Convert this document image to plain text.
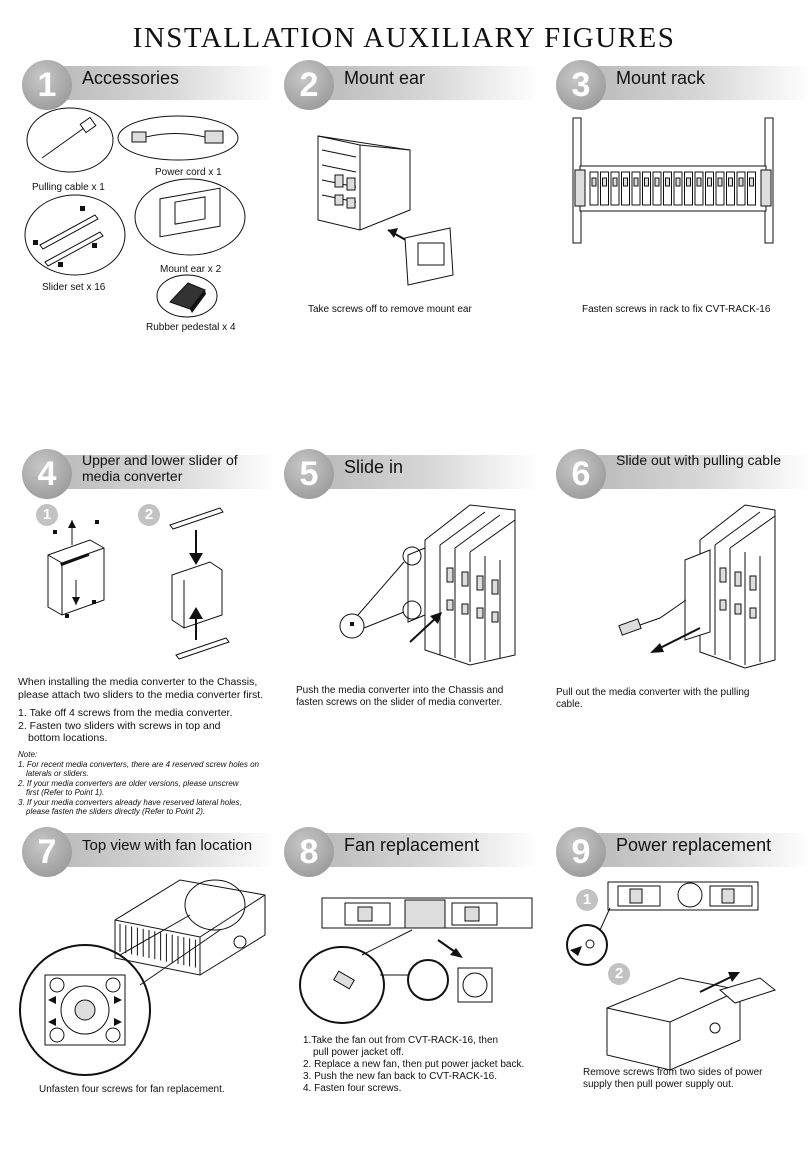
INSTALLATION AUXILIARY FIGURES
1	Accessories	2	Mount ear	3	Mount rack
4	Upper and lower slider of media converter	5	Slide in	6	Slide out with pulling cable
7	Top view with fan location	8	Fan replacement	9	Power replacement
Pulling cable x 1
Power cord x 1
Slider set x 16
Mount ear x 2
Rubber pedestal x 4
Take screws off to remove mount ear	Fasten screws in rack to fix CVT-RACK-16
1	2
When installing the media converter to the Chassis,
please attach two sliders to the media converter first.
1. Take off 4 screws from the media converter.
2. Fasten two sliders with screws in top and
bottom locations.
Note:
1. For recent media converters, there are 4 reserved screw holes on
laterals or sliders.
2. If your media converters are older versions, please unscrew
first (Refer to Point 1).
3. If your media converters already have reserved lateral holes,
please fasten the sliders directly (Refer to Point 2).
Push the media converter into the Chassis and
fasten screws on the slider of media converter.
Pull out the media converter with the pulling
cable.
Unfasten four screws for fan replacement.
1.Take the fan out from CVT-RACK-16, then
pull power jacket off.
2. Replace a new fan, then put power jacket back.
3. Push the new fan back to CVT-RACK-16.
4. Fasten four screws.
1
2
Remove screws from two sides of power
supply then pull power supply out.
